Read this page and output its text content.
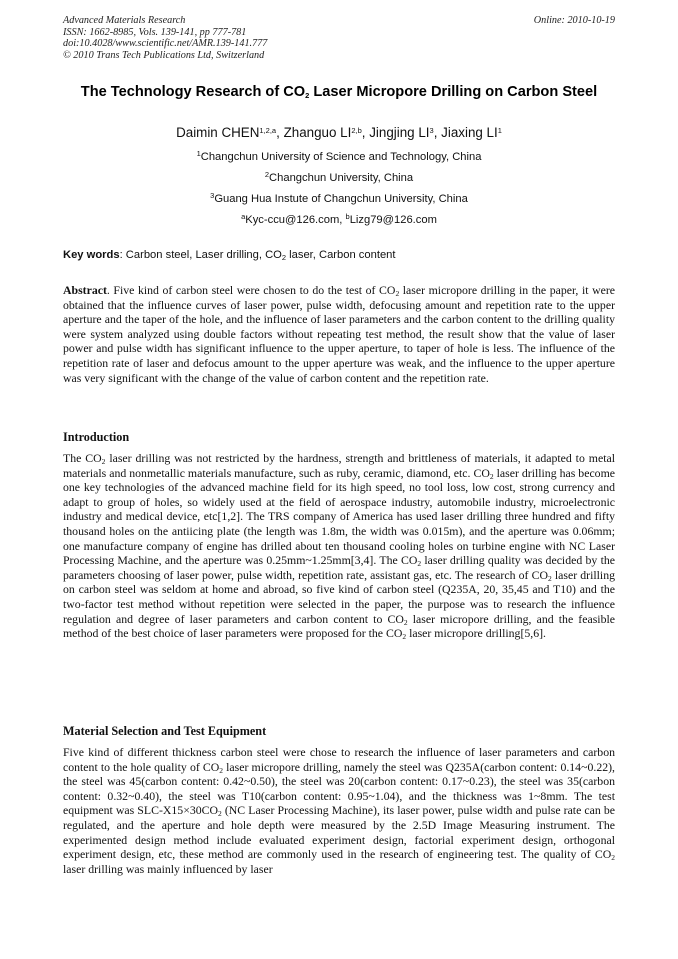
Advanced Materials Research
ISSN: 1662-8985, Vols. 139-141, pp 777-781
doi:10.4028/www.scientific.net/AMR.139-141.777
© 2010 Trans Tech Publications Ltd, Switzerland
Online: 2010-10-19
The Technology Research of $CO_2$ Laser Micropore Drilling on Carbon Steel
Daimin CHEN$^{1,2,a}$, Zhanguo LI$^{2,b}$, Jingjing $LI^3$, Jiaxing $LI^1$
$^1$Changchun University of Science and Technology, China
$^2$Changchun University, China
$^3$Guang Hua Instute of Changchun University, China
$^a$Kyc-ccu@126.com, $^b$Lizg79@126.com
Key words: Carbon steel, Laser drilling, $CO_2$ laser, Carbon content
Abstract. Five kind of carbon steel were chosen to do the test of $CO_2$ laser micropore drilling in the paper, it were obtained that the influence curves of laser power, pulse width, defocusing amount and repetition rate to the upper aperture and the taper of the hole, and the influence of laser parameters and the carbon content to the drilling quality were system analyzed using double factors without repeating test method, the result show that the value of laser power and pulse width has significant influence to the upper aperture, to taper of hole is less. The influence of the repetition rate of laser and defocus amount to the upper aperture was weak, and the influence to the upper aperture was very significant with the change of the value of carbon content and the repetition rate.
Introduction
The $CO_2$ laser drilling was not restricted by the hardness, strength and brittleness of materials, it adapted to metal materials and nonmetallic materials manufacture, such as ruby, ceramic, diamond, etc. $CO_2$ laser drilling has become one key technologies of the advanced machine field for its high speed, no tool loss, low cost, strong currency and adapt to group of holes, so widely used at the field of aerospace industry, automobile industry, microelectronic industry and medical device, etc[1,2]. The TRS company of America has used laser drilling three hundred and fifty thousand holes on the antiicing plate (the length was 1.8m, the width was 0.015m), and the aperture was 0.06mm; one manufacture company of engine has drilled about ten thousand cooling holes on turbine engine with NC Laser Processing Machine, and the aperture was 0.25mm~1.25mm[3,4]. The $CO_2$ laser drilling quality was decided by the parameters choosing of laser power, pulse width, repetition rate, assistant gas, etc. The research of $CO_2$ laser drilling on carbon steel was seldom at home and abroad, so five kind of carbon steel (Q235A, 20, 35,45 and T10) and the two-factor test method without repetition were selected in the paper, the purpose was to research the influence regulation and degree of laser parameters and carbon content to $CO_2$ laser micropore drilling, and the feasible method of the best choice of laser parameters were proposed for the $CO_2$ laser micropore drilling[5,6].
Material Selection and Test Equipment
Five kind of different thickness carbon steel were chose to research the influence of laser parameters and carbon content to the hole quality of $CO_2$ laser micropore drilling, namely the steel was Q235A(carbon content: 0.14~0.22), the steel was 45(carbon content: 0.42~0.50), the steel was 20(carbon content: 0.17~0.23), the steel was 35(carbon content: 0.32~0.40), the steel was T10(carbon content: 0.95~1.04), and the thickness was 1~8mm. The test equipment was SLC-$X15\times 30CO_2$ (NC Laser Processing Machine), its laser power, pulse width and pulse rate can be regulated, and the aperture and hole depth were measured by the 2.5D Image Measuring instrument. The experimented design method include evaluated experiment design, factorial experiment design, orthogonal experiment design, etc, these method are commonly used in the research of engineering test. The quality of $CO_2$ laser drilling was mainly influenced by laser
